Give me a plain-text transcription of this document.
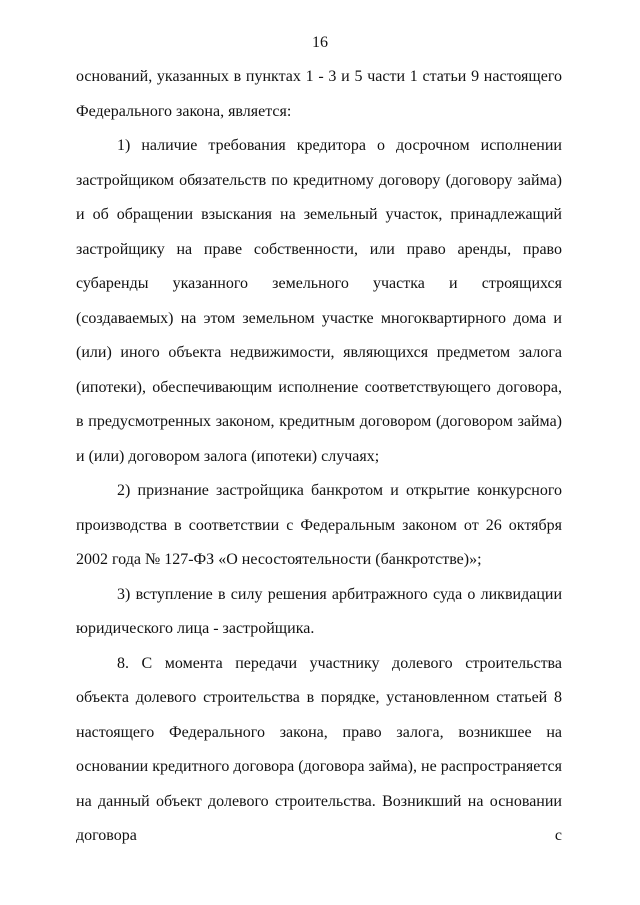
16

оснований, указанных в пунктах 1 - 3 и 5 части 1 статьи 9 настоящего Федерального закона, является:

1) наличие требования кредитора о досрочном исполнении застройщиком обязательств по кредитному договору (договору займа) и об обращении взыскания на земельный участок, принадлежащий застройщику на праве собственности, или право аренды, право субаренды указанного земельного участка и строящихся (создаваемых) на этом земельном участке многоквартирного дома и (или) иного объекта недвижимости, являющихся предметом залога (ипотеки), обеспечивающим исполнение соответствующего договора, в предусмотренных законом, кредитным договором (договором займа) и (или) договором залога (ипотеки) случаях;

2) признание застройщика банкротом и открытие конкурсного производства в соответствии с Федеральным законом от 26 октября 2002 года № 127-ФЗ «О несостоятельности (банкротстве)»;

3) вступление в силу решения арбитражного суда о ликвидации юридического лица - застройщика.

8. С момента передачи участнику долевого строительства объекта долевого строительства в порядке, установленном статьей 8 настоящего Федерального закона, право залога, возникшее на основании кредитного договора (договора займа), не распространяется на данный объект долевого строительства. Возникший на основании договора с
